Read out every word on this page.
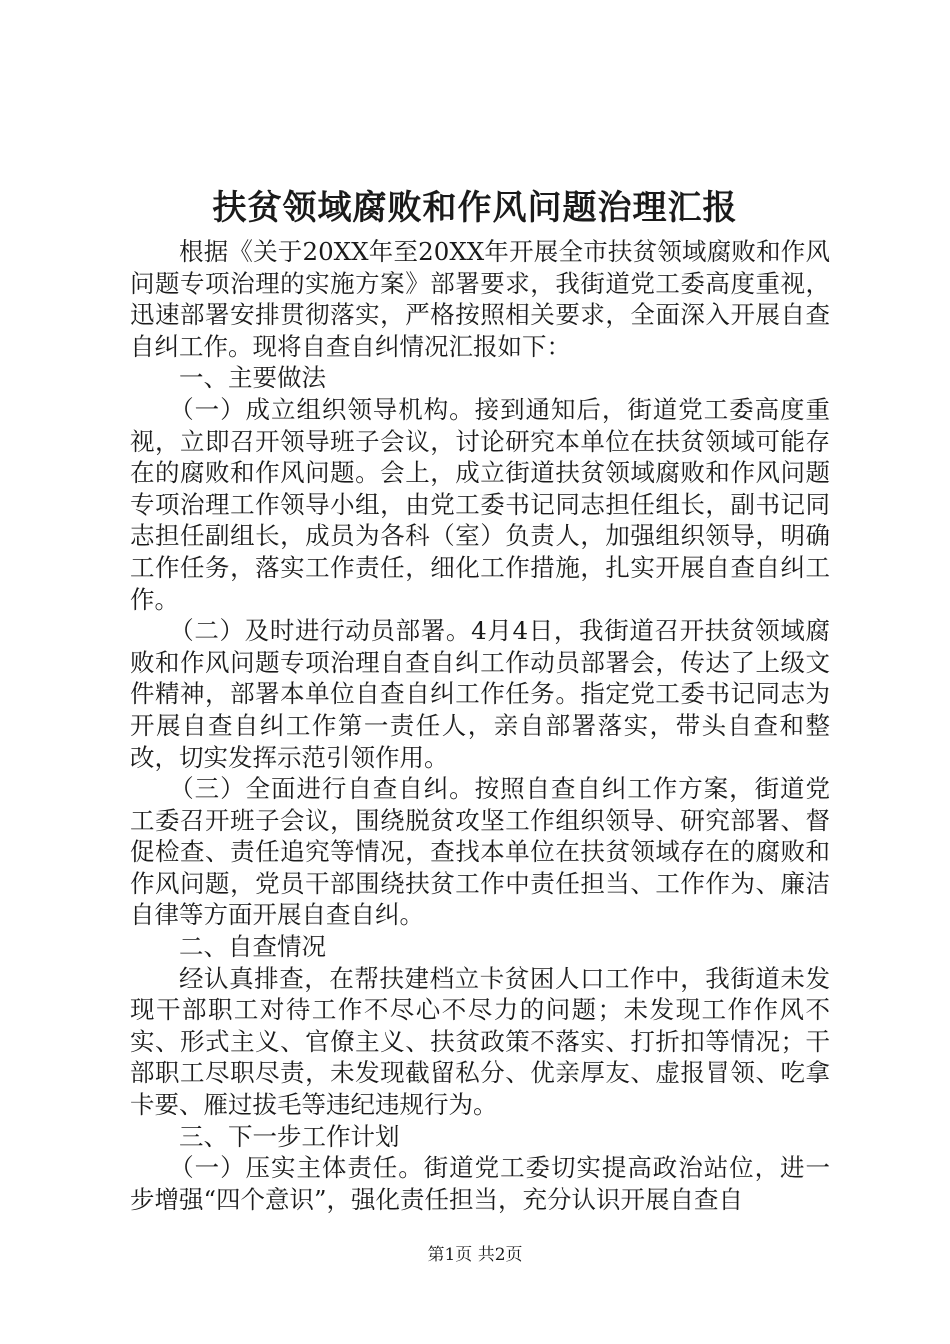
扶贫领域腐败和作风问题治理汇报

根据《关于20XX年至20XX年开展全市扶贫领域腐败和作风问题专项治理的实施方案》部署要求，我街道党工委高度重视，迅速部署安排贯彻落实，严格按照相关要求，全面深入开展自查自纠工作。现将自查自纠情况汇报如下：

一、主要做法

（一）成立组织领导机构。接到通知后，街道党工委高度重视，立即召开领导班子会议，讨论研究本单位在扶贫领域可能存在的腐败和作风问题。会上，成立街道扶贫领域腐败和作风问题专项治理工作领导小组，由党工委书记同志担任组长，副书记同志担任副组长，成员为各科（室）负责人，加强组织领导，明确工作任务，落实工作责任，细化工作措施，扎实开展自查自纠工作。

（二）及时进行动员部署。4月4日，我街道召开扶贫领域腐败和作风问题专项治理自查自纠工作动员部署会，传达了上级文件精神，部署本单位自查自纠工作任务。指定党工委书记同志为开展自查自纠工作第一责任人，亲自部署落实，带头自查和整改，切实发挥示范引领作用。

（三）全面进行自查自纠。按照自查自纠工作方案，街道党工委召开班子会议，围绕脱贫攻坚工作组织领导、研究部署、督促检查、责任追究等情况，查找本单位在扶贫领域存在的腐败和作风问题，党员干部围绕扶贫工作中责任担当、工作作为、廉洁自律等方面开展自查自纠。

二、自查情况

经认真排查，在帮扶建档立卡贫困人口工作中，我街道未发现干部职工对待工作不尽心不尽力的问题；未发现工作作风不实、形式主义、官僚主义、扶贫政策不落实、打折扣等情况；干部职工尽职尽责，未发现截留私分、优亲厚友、虚报冒领、吃拿卡要、雁过拔毛等违纪违规行为。

三、下一步工作计划

（一）压实主体责任。街道党工委切实提高政治站位，进一步增强“四个意识”，强化责任担当，充分认识开展自查自

第1页 共2页
